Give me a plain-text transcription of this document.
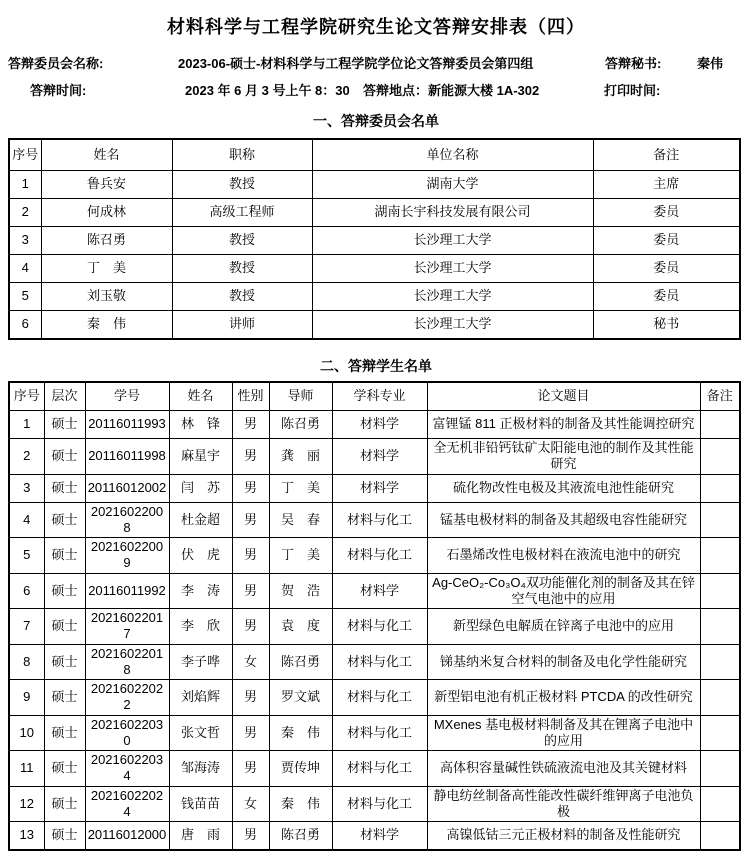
材料科学与工程学院研究生论文答辩安排表（四）
答辩委员会名称:	2023-06-硕士-材料科学与工程学院学位论文答辩委员会第四组	答辩秘书:	秦伟
答辩时间:	2023 年 6 月 3 号上午 8：30 答辩地点：新能源大楼 1A-302	打印时间:
一、答辩委员会名单
序号	姓名	职称	单位名称	备注
1	鲁兵安	教授	湖南大学	主席
2	何成林	高级工程师	湖南长宇科技发展有限公司	委员
3	陈召勇	教授	长沙理工大学	委员
4	丁　美	教授	长沙理工大学	委员
5	刘玉敬	教授	长沙理工大学	委员
6	秦　伟	讲师	长沙理工大学	秘书
二、答辩学生名单
序号	层次	学号	姓名	性别	导师	学科专业	论文题目	备注
1	硕士	20116011993	林　锋	男	陈召勇	材料学	富锂锰 811 正极材料的制备及其性能调控研究	
2	硕士	20116011998	麻星宇	男	龚　丽	材料学	全无机非铅钙钛矿太阳能电池的制作及其性能研究	
3	硕士	20116012002	闫　苏	男	丁　美	材料学	硫化物改性电极及其液流电池性能研究	
4	硕士	20216022008	杜金超	男	吴　春	材料与化工	锰基电极材料的制备及其超级电容性能研究	
5	硕士	20216022009	伏　虎	男	丁　美	材料与化工	石墨烯改性电极材料在液流电池中的研究	
6	硕士	20116011992	李　涛	男	贺　浩	材料学	Ag-CeO₂-Co₃O₄双功能催化剂的制备及其在锌空气电池中的应用	
7	硕士	20216022017	李　欣	男	袁　度	材料与化工	新型绿色电解质在锌离子电池中的应用	
8	硕士	20216022018	李子哗	女	陈召勇	材料与化工	锑基纳米复合材料的制备及电化学性能研究	
9	硕士	20216022022	刘焰辉	男	罗文斌	材料与化工	新型铝电池有机正极材料 PTCDA 的改性研究	
10	硕士	20216022030	张文哲	男	秦　伟	材料与化工	MXenes 基电极材料制备及其在锂离子电池中的应用	
11	硕士	20216022034	邹海涛	男	贾传坤	材料与化工	高体积容量碱性铁硫液流电池及其关键材料	
12	硕士	20216022024	钱苗苗	女	秦　伟	材料与化工	静电纺丝制备高性能改性碳纤维钾离子电池负极	
13	硕士	20116012000	唐　雨	男	陈召勇	材料学	高镍低钴三元正极材料的制备及性能研究	
